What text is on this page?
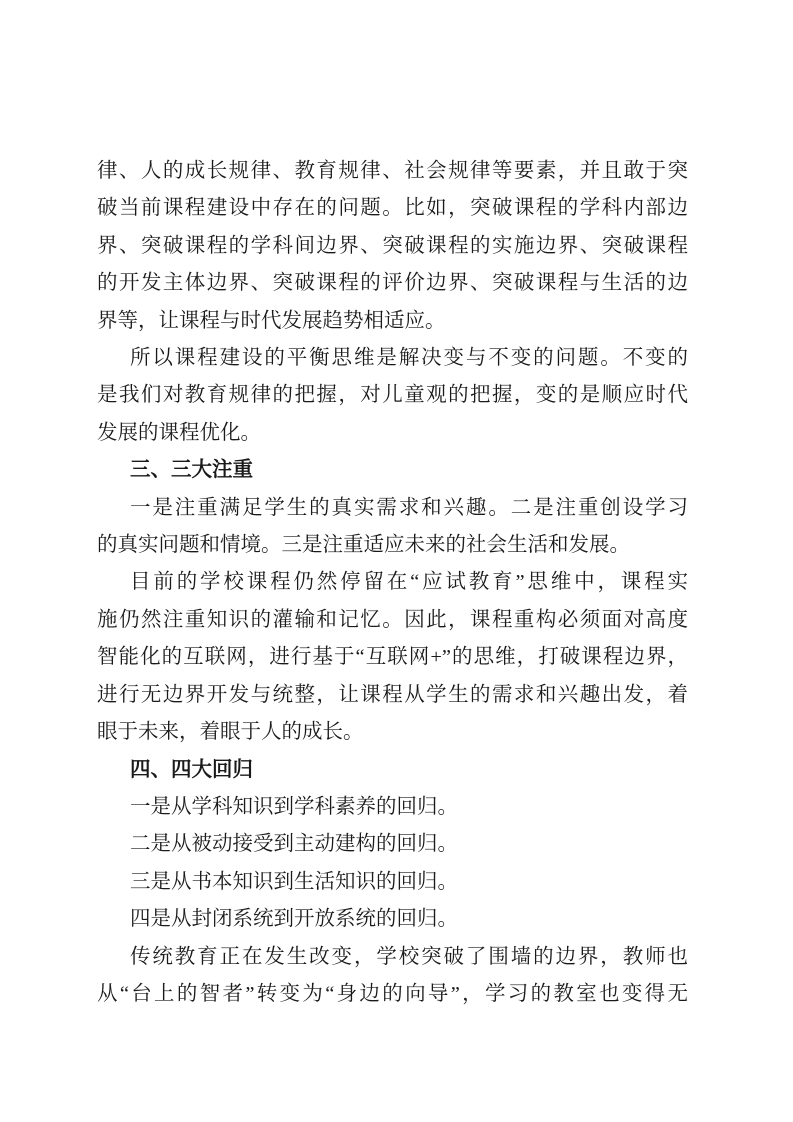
律、人的成长规律、教育规律、社会规律等要素，并且敢于突
破当前课程建设中存在的问题。比如，突破课程的学科内部边
界、突破课程的学科间边界、突破课程的实施边界、突破课程
的开发主体边界、突破课程的评价边界、突破课程与生活的边
界等，让课程与时代发展趋势相适应。
所以课程建设的平衡思维是解决变与不变的问题。不变的
是我们对教育规律的把握，对儿童观的把握，变的是顺应时代
发展的课程优化。
三、三大注重
一是注重满足学生的真实需求和兴趣。二是注重创设学习
的真实问题和情境。三是注重适应未来的社会生活和发展。
目前的学校课程仍然停留在“应试教育”思维中，课程实
施仍然注重知识的灌输和记忆。因此，课程重构必须面对高度
智能化的互联网，进行基于“互联网+”的思维，打破课程边界，
进行无边界开发与统整，让课程从学生的需求和兴趣出发，着
眼于未来，着眼于人的成长。
四、四大回归
一是从学科知识到学科素养的回归。
二是从被动接受到主动建构的回归。
三是从书本知识到生活知识的回归。
四是从封闭系统到开放系统的回归。
传统教育正在发生改变，学校突破了围墙的边界，教师也
从“台上的智者”转变为“身边的向导”，学习的教室也变得无
